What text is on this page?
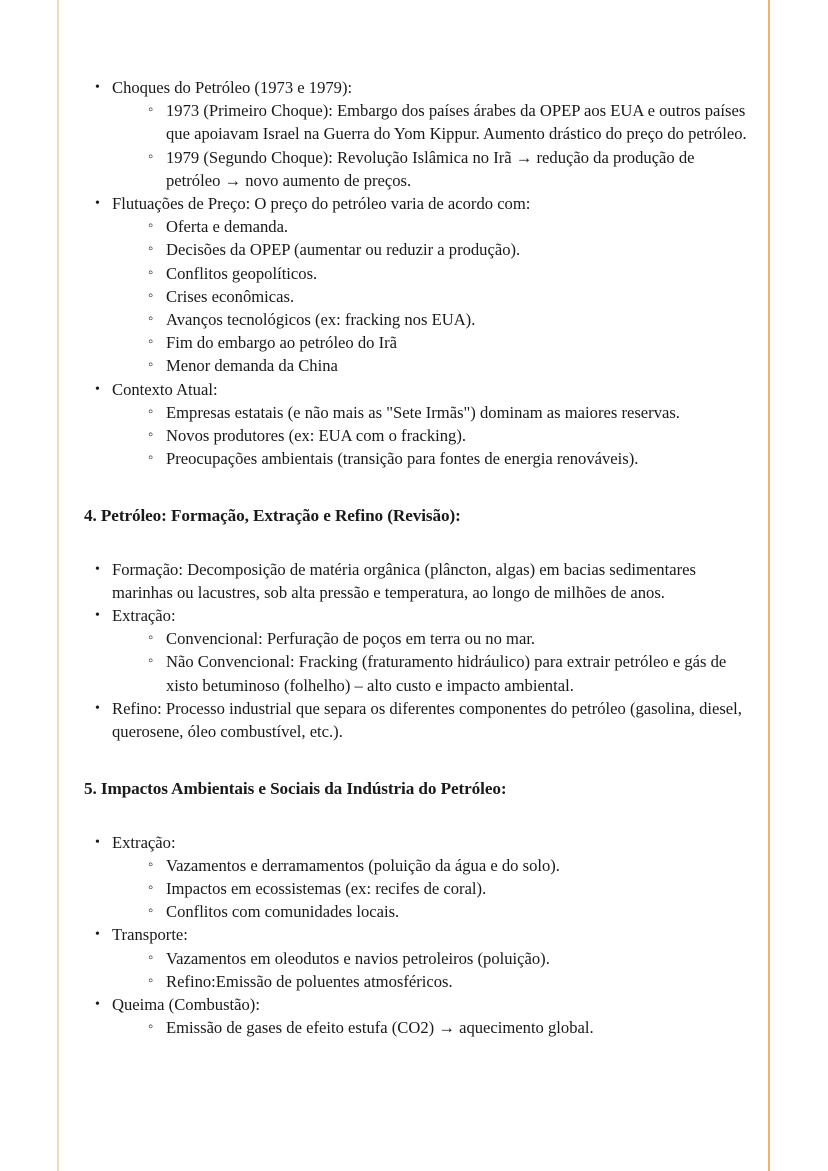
• Choques do Petróleo (1973 e 1979):
◦ 1973 (Primeiro Choque): Embargo dos países árabes da OPEP aos EUA e outros países que apoiavam Israel na Guerra do Yom Kippur. Aumento drástico do preço do petróleo.
◦ 1979 (Segundo Choque): Revolução Islâmica no Irã → redução da produção de petróleo → novo aumento de preços.
• Flutuações de Preço: O preço do petróleo varia de acordo com:
◦ Oferta e demanda.
◦ Decisões da OPEP (aumentar ou reduzir a produção).
◦ Conflitos geopolíticos.
◦ Crises econômicas.
◦ Avanços tecnológicos (ex: fracking nos EUA).
◦ Fim do embargo ao petróleo do Irã
◦ Menor demanda da China
• Contexto Atual:
◦ Empresas estatais (e não mais as "Sete Irmãs") dominam as maiores reservas.
◦ Novos produtores (ex: EUA com o fracking).
◦ Preocupações ambientais (transição para fontes de energia renováveis).
4. Petróleo: Formação, Extração e Refino (Revisão):
• Formação: Decomposição de matéria orgânica (plâncton, algas) em bacias sedimentares marinhas ou lacustres, sob alta pressão e temperatura, ao longo de milhões de anos.
• Extração:
◦ Convencional: Perfuração de poços em terra ou no mar.
◦ Não Convencional: Fracking (fraturamento hidráulico) para extrair petróleo e gás de xisto betuminoso (folhelho) – alto custo e impacto ambiental.
• Refino: Processo industrial que separa os diferentes componentes do petróleo (gasolina, diesel, querosene, óleo combustível, etc.).
5. Impactos Ambientais e Sociais da Indústria do Petróleo:
• Extração:
◦ Vazamentos e derramamentos (poluição da água e do solo).
◦ Impactos em ecossistemas (ex: recifes de coral).
◦ Conflitos com comunidades locais.
• Transporte:
◦ Vazamentos em oleodutos e navios petroleiros (poluição).
◦ Refino:Emissão de poluentes atmosféricos.
• Queima (Combustão):
◦ Emissão de gases de efeito estufa (CO2) → aquecimento global.
